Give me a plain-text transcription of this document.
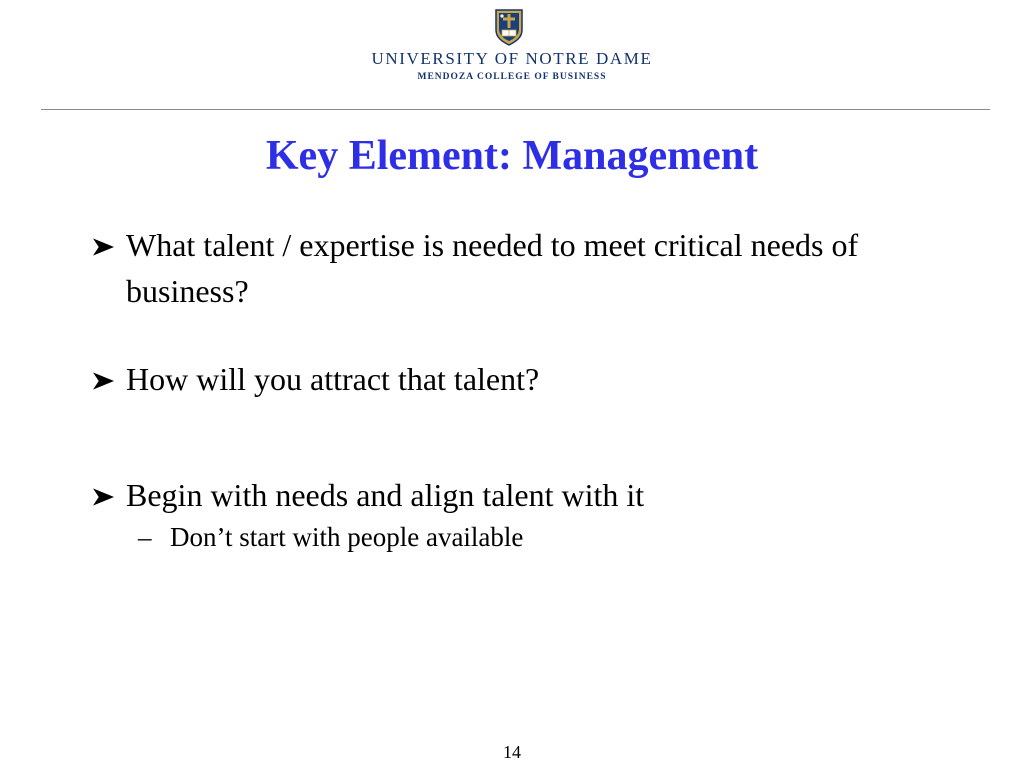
UNIVERSITY OF NOTRE DAME
MENDOZA COLLEGE OF BUSINESS
Key Element: Management
What talent / expertise is needed to meet critical needs of business?
How will you attract that talent?
Begin with needs and align talent with it
– Don’t start with people available
14
